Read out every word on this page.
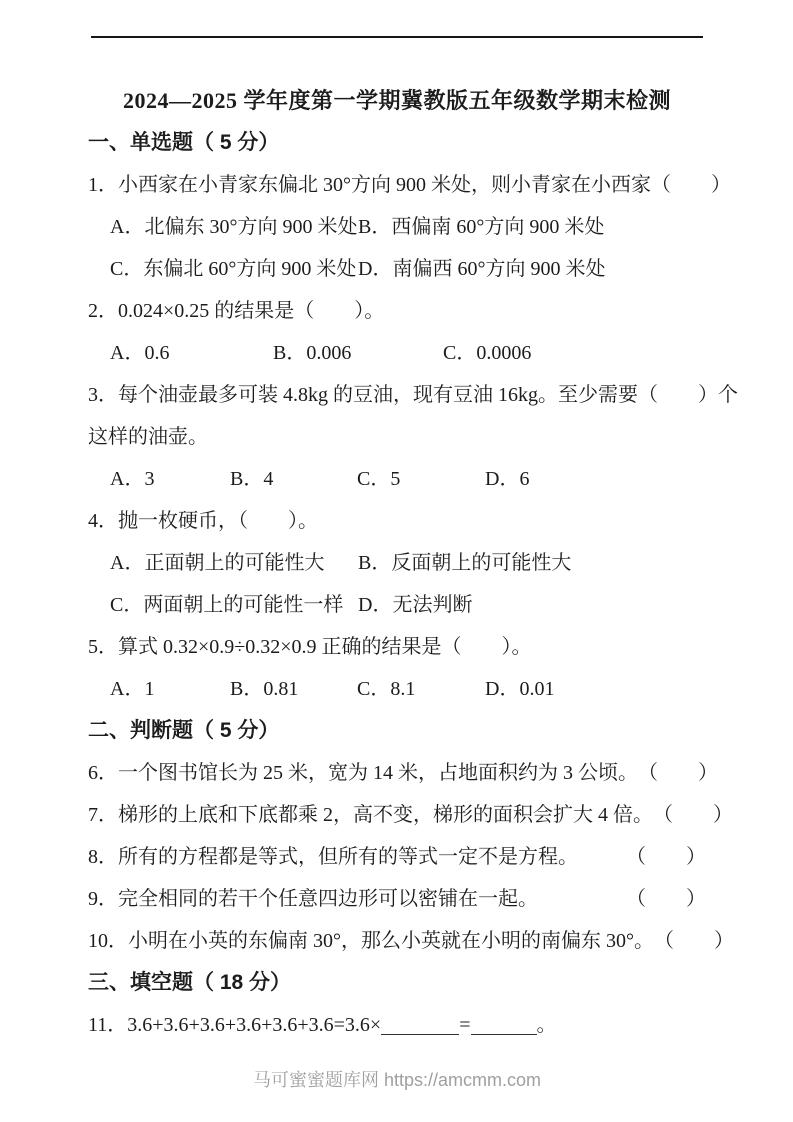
2024—2025 学年度第一学期冀教版五年级数学期末检测
一、单选题（ 5 分）
1．小西家在小青家东偏北 30°方向 900 米处，则小青家在小西家（　　）
A．北偏东 30°方向 900 米处 B．西偏南 60°方向 900 米处
C．东偏北 60°方向 900 米处 D．南偏西 60°方向 900 米处
2．0.024×0.25 的结果是（　　）。
A．0.6	B．0.006	C．0.0006
3．每个油壶最多可装 4.8kg 的豆油，现有豆油 16kg。至少需要（　　）个
这样的油壶。
A．3	B．4	C．5	D．6
4．抛一枚硬币，（　　）。
A．正面朝上的可能性大	B．反面朝上的可能性大
C．两面朝上的可能性一样 D．无法判断
5．算式 0.32×0.9÷0.32×0.9 正确的结果是（　　）。
A．1	B．0.81	C．8.1	D．0.01
二、判断题（ 5 分）
6．一个图书馆长为 25 米，宽为 14 米，占地面积约为 3 公顷。 （　　）
7．梯形的上底和下底都乘 2，高不变，梯形的面积会扩大 4 倍。 （　　）
8．所有的方程都是等式，但所有的等式一定不是方程。 （　　）
9．完全相同的若干个任意四边形可以密铺在一起。	（　　）
10．小明在小英的东偏南 30°，那么小英就在小明的南偏东 30°。 （　　）
三、填空题（ 18 分）
11．3.6+3.6+3.6+3.6+3.6+3.6=3.6×	=	。
马可蜜蜜题库网 https://amcmm.com
